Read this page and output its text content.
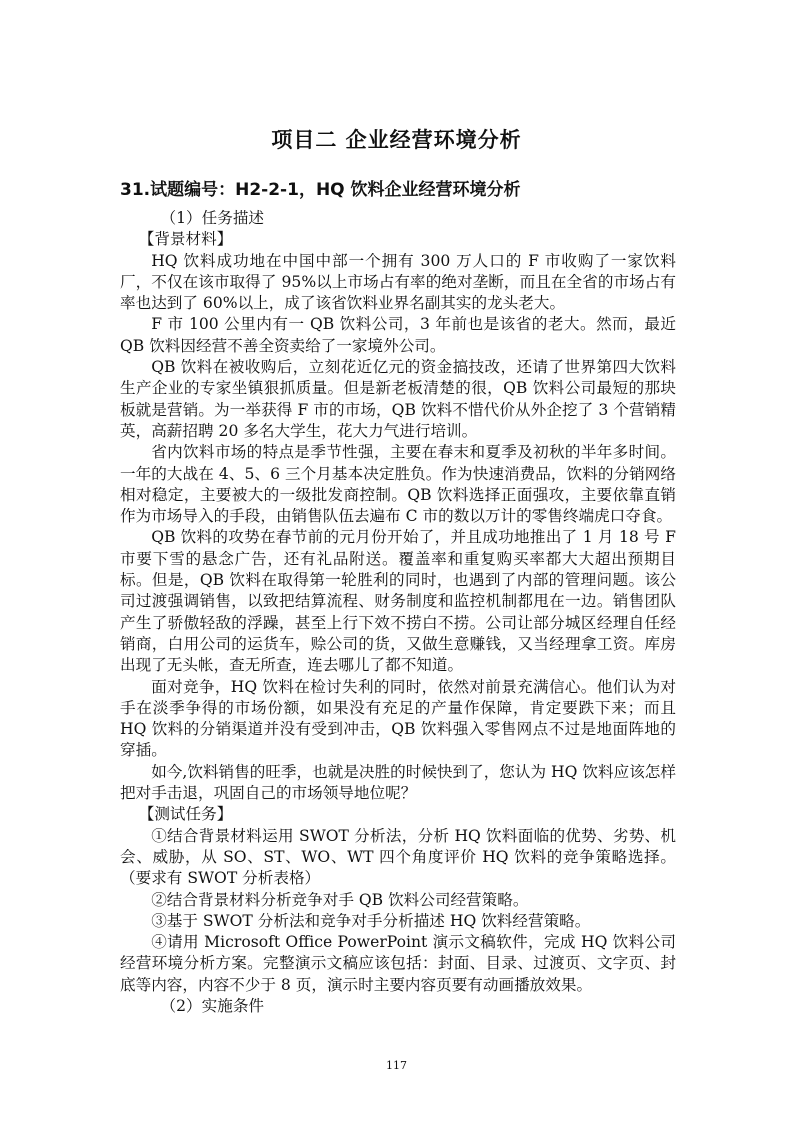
项目二 企业经营环境分析
31.试题编号：H2-2-1，HQ 饮料企业经营环境分析

（1）任务描述

【背景材料】

HQ 饮料成功地在中国中部一个拥有 300 万人口的 F 市收购了一家饮料厂，不仅在该市取得了 95%以上市场占有率的绝对垄断，而且在全省的市场占有率也达到了 60%以上，成了该省饮料业界名副其实的龙头老大。

F 市 100 公里内有一 QB 饮料公司，3 年前也是该省的老大。然而，最近 QB 饮料因经营不善全资卖给了一家境外公司。

QB 饮料在被收购后，立刻花近亿元的资金搞技改，还请了世界第四大饮料生产企业的专家坐镇狠抓质量。但是新老板清楚的很，QB 饮料公司最短的那块板就是营销。为一举获得 F 市的市场，QB 饮料不惜代价从外企挖了 3 个营销精英，高薪招聘 20 多名大学生，花大力气进行培训。

省内饮料市场的特点是季节性强，主要在春末和夏季及初秋的半年多时间。一年的大战在 4、5、6 三个月基本决定胜负。作为快速消费品，饮料的分销网络相对稳定，主要被大的一级批发商控制。QB 饮料选择正面强攻，主要依靠直销作为市场导入的手段，由销售队伍去遍布 C 市的数以万计的零售终端虎口夺食。

QB 饮料的攻势在春节前的元月份开始了，并且成功地推出了 1 月 18 号 F 市要下雪的悬念广告，还有礼品附送。覆盖率和重复购买率都大大超出预期目标。但是，QB 饮料在取得第一轮胜利的同时，也遇到了内部的管理问题。该公司过渡强调销售，以致把结算流程、财务制度和监控机制都甩在一边。销售团队产生了骄傲轻敌的浮躁，甚至上行下效不捞白不捞。公司让部分城区经理自任经销商，白用公司的运货车，赊公司的货，又做生意赚钱，又当经理拿工资。库房出现了无头帐，查无所查，连去哪儿了都不知道。

面对竞争，HQ 饮料在检讨失利的同时，依然对前景充满信心。他们认为对手在淡季争得的市场份额，如果没有充足的产量作保障，肯定要跌下来；而且 HQ 饮料的分销渠道并没有受到冲击，QB 饮料强入零售网点不过是地面阵地的穿插。

如今,饮料销售的旺季，也就是决胜的时候快到了，您认为 HQ 饮料应该怎样把对手击退，巩固自己的市场领导地位呢？

【测试任务】

①结合背景材料运用 SWOT 分析法，分析 HQ 饮料面临的优势、劣势、机会、威胁，从 SO、ST、WO、WT 四个角度评价 HQ 饮料的竞争策略选择。（要求有 SWOT 分析表格）

②结合背景材料分析竞争对手 QB 饮料公司经营策略。

③基于 SWOT 分析法和竞争对手分析描述 HQ 饮料经营策略。

④请用 Microsoft Office PowerPoint 演示文稿软件，完成 HQ 饮料公司经营环境分析方案。完整演示文稿应该包括：封面、目录、过渡页、文字页、封底等内容，内容不少于 8 页，演示时主要内容页要有动画播放效果。

（2）实施条件

117
